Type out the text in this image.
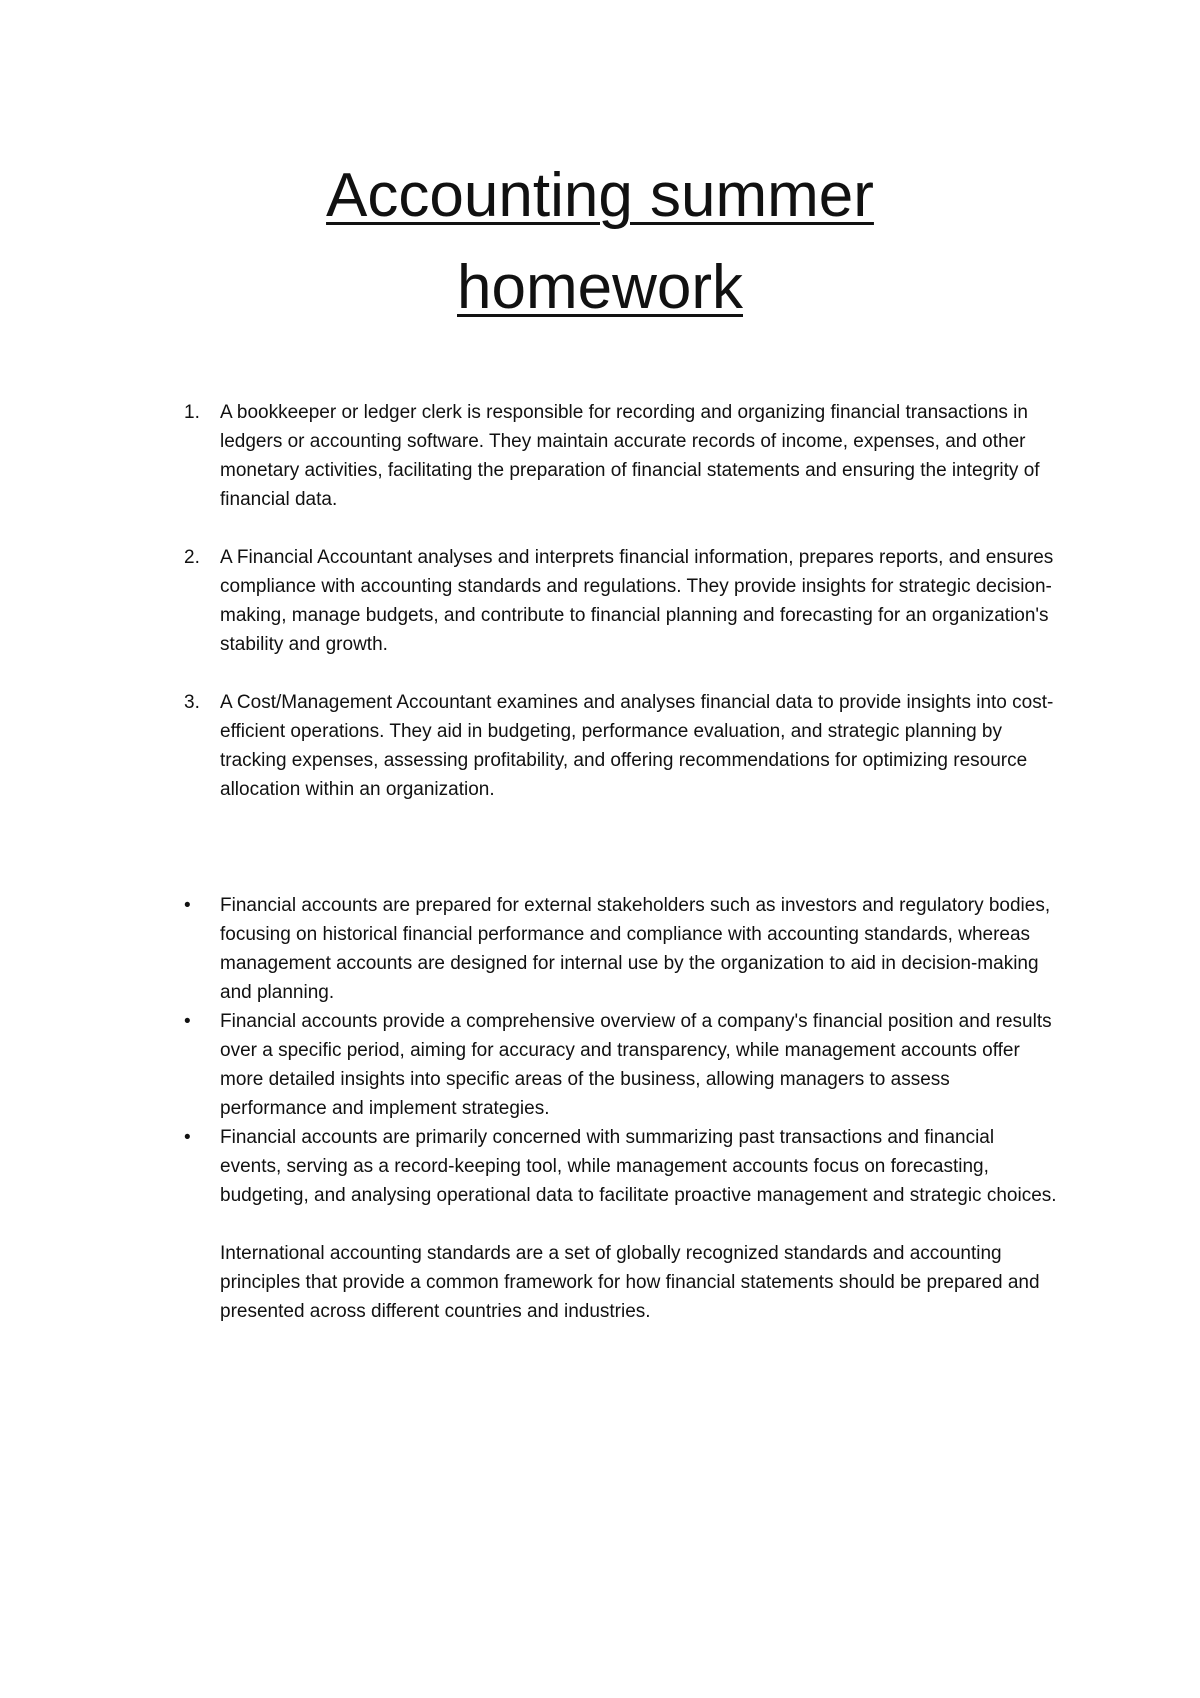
Accounting summer homework
1. A bookkeeper or ledger clerk is responsible for recording and organizing financial transactions in ledgers or accounting software. They maintain accurate records of income, expenses, and other monetary activities, facilitating the preparation of financial statements and ensuring the integrity of financial data.
2. A Financial Accountant analyses and interprets financial information, prepares reports, and ensures compliance with accounting standards and regulations. They provide insights for strategic decision-making, manage budgets, and contribute to financial planning and forecasting for an organization's stability and growth.
3. A Cost/Management Accountant examines and analyses financial data to provide insights into cost-efficient operations. They aid in budgeting, performance evaluation, and strategic planning by tracking expenses, assessing profitability, and offering recommendations for optimizing resource allocation within an organization.
• Financial accounts are prepared for external stakeholders such as investors and regulatory bodies, focusing on historical financial performance and compliance with accounting standards, whereas management accounts are designed for internal use by the organization to aid in decision-making and planning.
• Financial accounts provide a comprehensive overview of a company's financial position and results over a specific period, aiming for accuracy and transparency, while management accounts offer more detailed insights into specific areas of the business, allowing managers to assess performance and implement strategies.
• Financial accounts are primarily concerned with summarizing past transactions and financial events, serving as a record-keeping tool, while management accounts focus on forecasting, budgeting, and analysing operational data to facilitate proactive management and strategic choices.

International accounting standards are a set of globally recognized standards and accounting principles that provide a common framework for how financial statements should be prepared and presented across different countries and industries.
